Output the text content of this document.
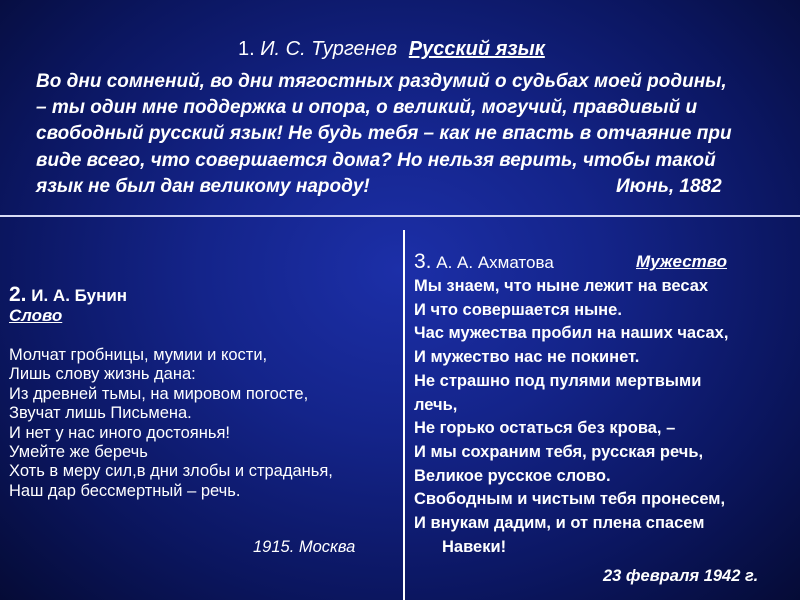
1. И. С. Тургенев Русский язык
Во дни сомнений, во дни тягостных раздумий о судьбах моей родины,
– ты один мне поддержка и опора, о великий, могучий, правдивый и
свободный русский язык! Не будь тебя – как не впасть в отчаяние при
виде всего, что совершается дома? Но нельзя верить, чтобы такой
язык не был дан великому народу!	Июнь, 1882
2. И. А. Бунин
Слово
Молчат гробницы, мумии и кости,
Лишь слову жизнь дана:
Из древней тьмы, на мировом погосте,
Звучат лишь Письмена.
И нет у нас иного достоянья!
Умейте же беречь
Хоть в меру сил,в дни злобы и страданья,
Наш дар бессмертный – речь.
1915. Москва
3. А. А. Ахматова	Мужество
Мы знаем, что ныне лежит на весах
И что совершается ныне.
Час мужества пробил на наших часах,
И мужество нас не покинет.
Не страшно под пулями мертвыми
лечь,
Не горько остаться без крова, –
И мы сохраним тебя, русская речь,
Великое русское слово.
Свободным и чистым тебя пронесем,
И внукам дадим, и от плена спасем
Навеки!
23 февраля 1942 г.
